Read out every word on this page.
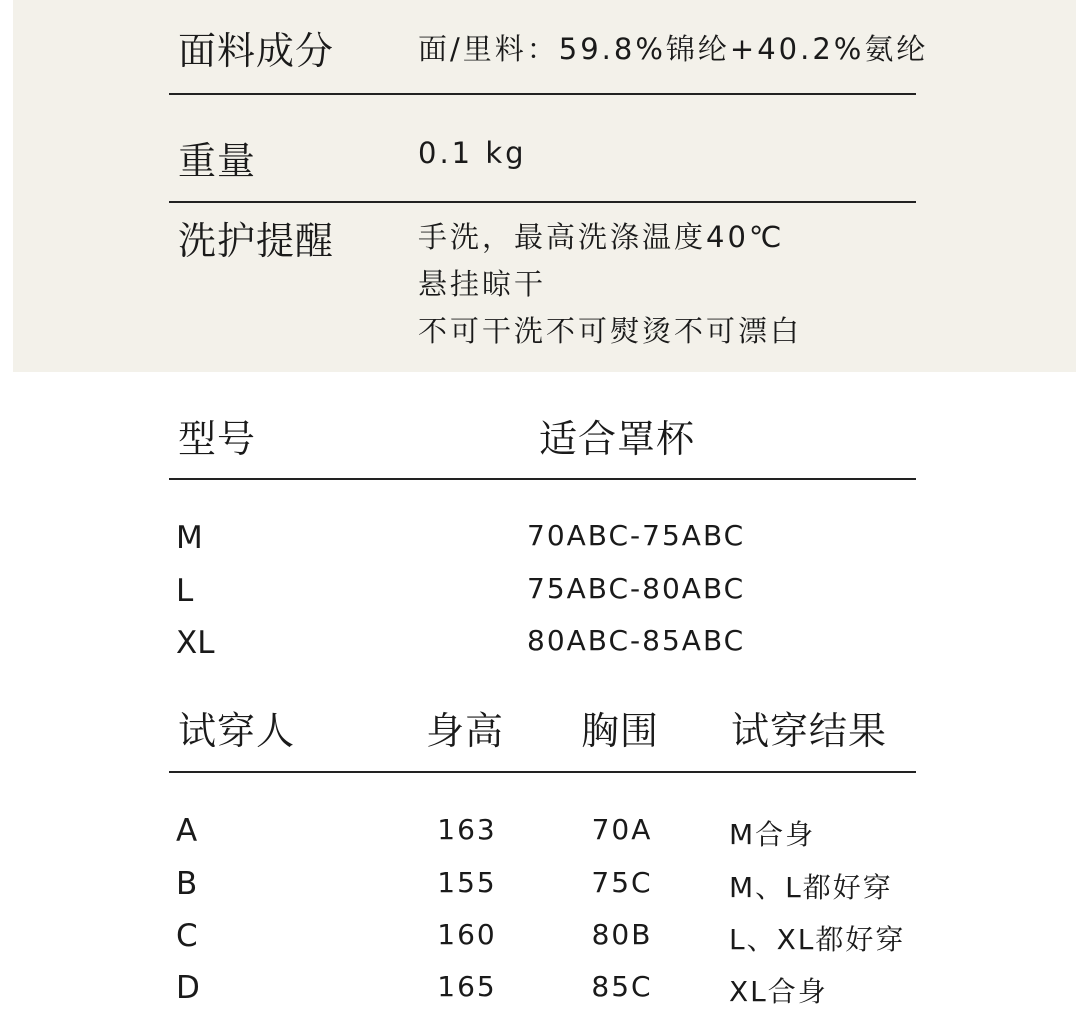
面料成分	面/里料：59.8%锦纶+40.2%氨纶
重量	0.1 kg
洗护提醒	手洗，最高洗涤温度40℃
悬挂晾干
不可干洗不可熨烫不可漂白
型号	适合罩杯
M	70ABC-75ABC
L	75ABC-80ABC
XL	80ABC-85ABC
试穿人	身高 胸围 试穿结果
A	163	70A	M合身
B	155	75C	M、L都好穿
C	160	80B	L、XL都好穿
D	165	85C	XL合身
